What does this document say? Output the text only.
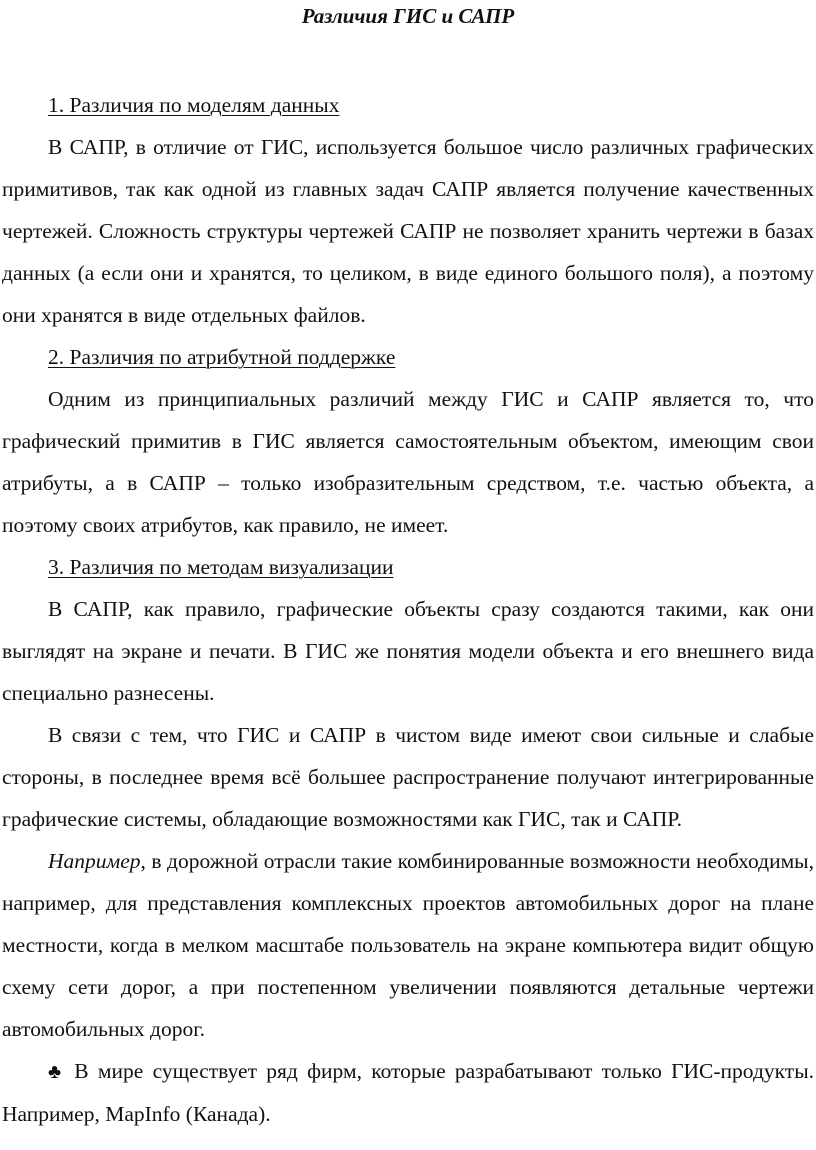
Различия ГИС и САПР
1. Различия по моделям данных

В САПР, в отличие от ГИС, используется большое число различных графических примитивов, так как одной из главных задач САПР является получение качественных чертежей. Сложность структуры чертежей САПР не позволяет хранить чертежи в базах данных (а если они и хранятся, то целиком, в виде единого большого поля), а поэтому они хранятся в виде отдельных файлов.

2. Различия по атрибутной поддержке

Одним из принципиальных различий между ГИС и САПР является то, что графический примитив в ГИС является самостоятельным объектом, имеющим свои атрибуты, а в САПР – только изобразительным средством, т.е. частью объекта, а поэтому своих атрибутов, как правило, не имеет.

3. Различия по методам визуализации

В САПР, как правило, графические объекты сразу создаются такими, как они выглядят на экране и печати. В ГИС же понятия модели объекта и его внешнего вида специально разнесены.

В связи с тем, что ГИС и САПР в чистом виде имеют свои сильные и слабые стороны, в последнее время всё большее распространение получают интегрированные графические системы, обладающие возможностями как ГИС, так и САПР.

Например, в дорожной отрасли такие комбинированные возможности необходимы, например, для представления комплексных проектов автомобильных дорог на плане местности, когда в мелком масштабе пользователь на экране компьютера видит общую схему сети дорог, а при постепенном увеличении появляются детальные чертежи автомобильных дорог.

♣ В мире существует ряд фирм, которые разрабатывают только ГИС-продукты. Например, MapInfo (Канада).
